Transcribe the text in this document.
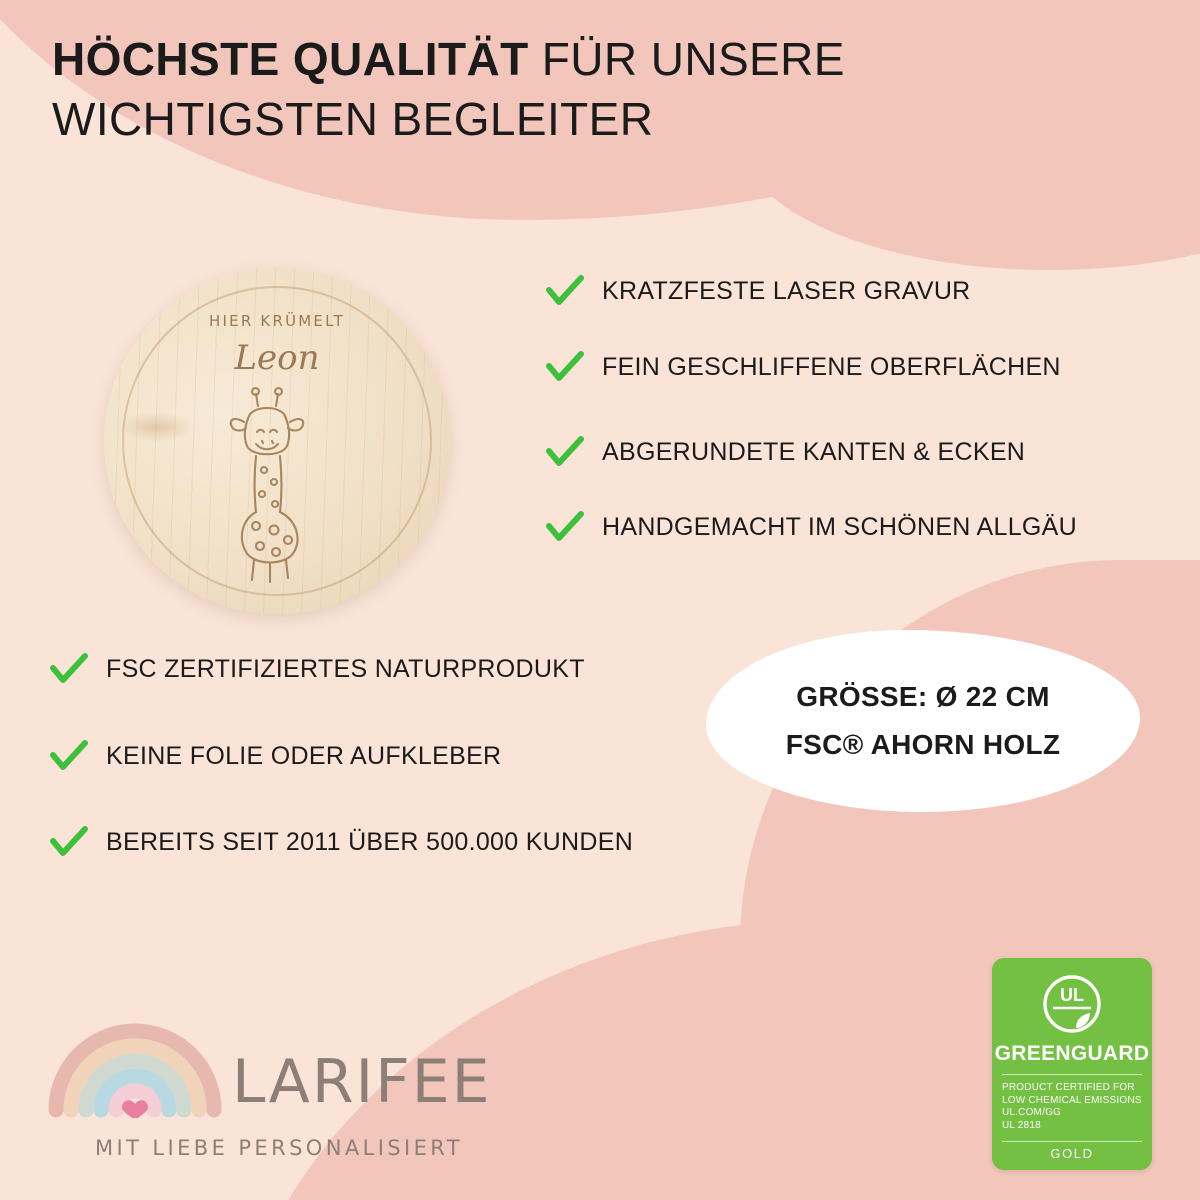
HÖCHSTE QUALITÄT FÜR UNSERE WICHTIGSTEN BEGLEITER
HIER KRÜMELT
Leon
KRATZFESTE LASER GRAVUR
FEIN GESCHLIFFENE OBERFLÄCHEN
ABGERUNDETE KANTEN & ECKEN
HANDGEMACHT IM SCHÖNEN ALLGÄU
FSC ZERTIFIZIERTES NATURPRODUKT
KEINE FOLIE ODER AUFKLEBER
BEREITS SEIT 2011 ÜBER 500.000 KUNDEN
GRÖSSE: Ø 22 CM
FSC® AHORN HOLZ
LARIFEE
MIT LIEBE PERSONALISIERT
UL
GREENGUARD
PRODUCT CERTIFIED FOR
LOW CHEMICAL EMISSIONS
UL.COM/GG
UL 2818
GOLD
